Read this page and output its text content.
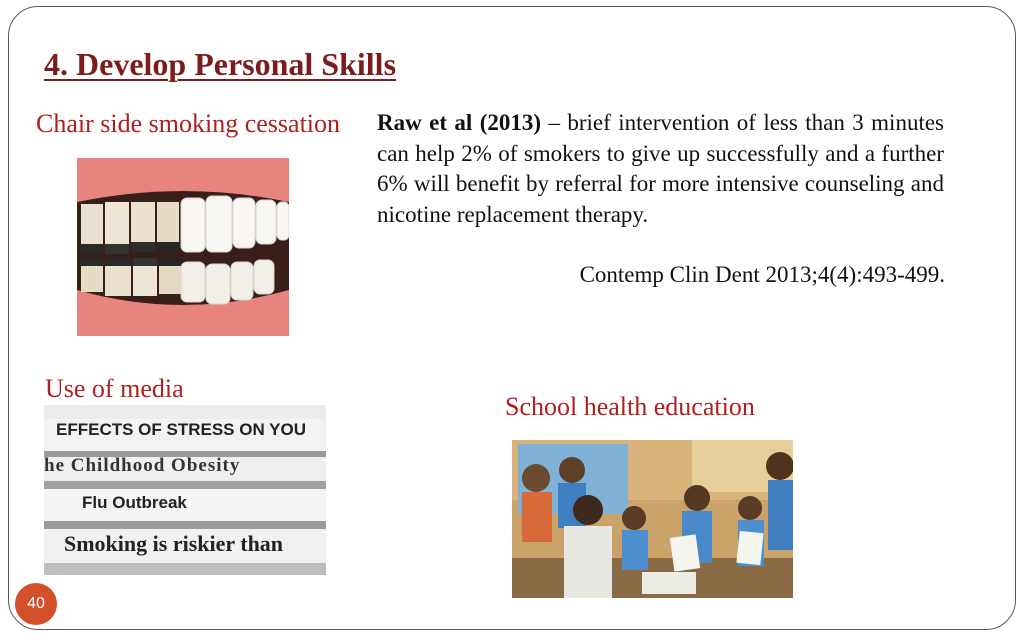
4. Develop Personal Skills
Chair side smoking cessation Raw et al (2013) – brief intervention of less than 3 minutes can help 2% of smokers to give up successfully and a further 6% will benefit by referral for more intensive counseling and nicotine replacement therapy.
Contemp Clin Dent 2013;4(4):493-499.
Use of media
EFFECTS OF STRESS ON YOU
he Childhood Obesity
Flu Outbreak
Smoking is riskier than
School health education
40
